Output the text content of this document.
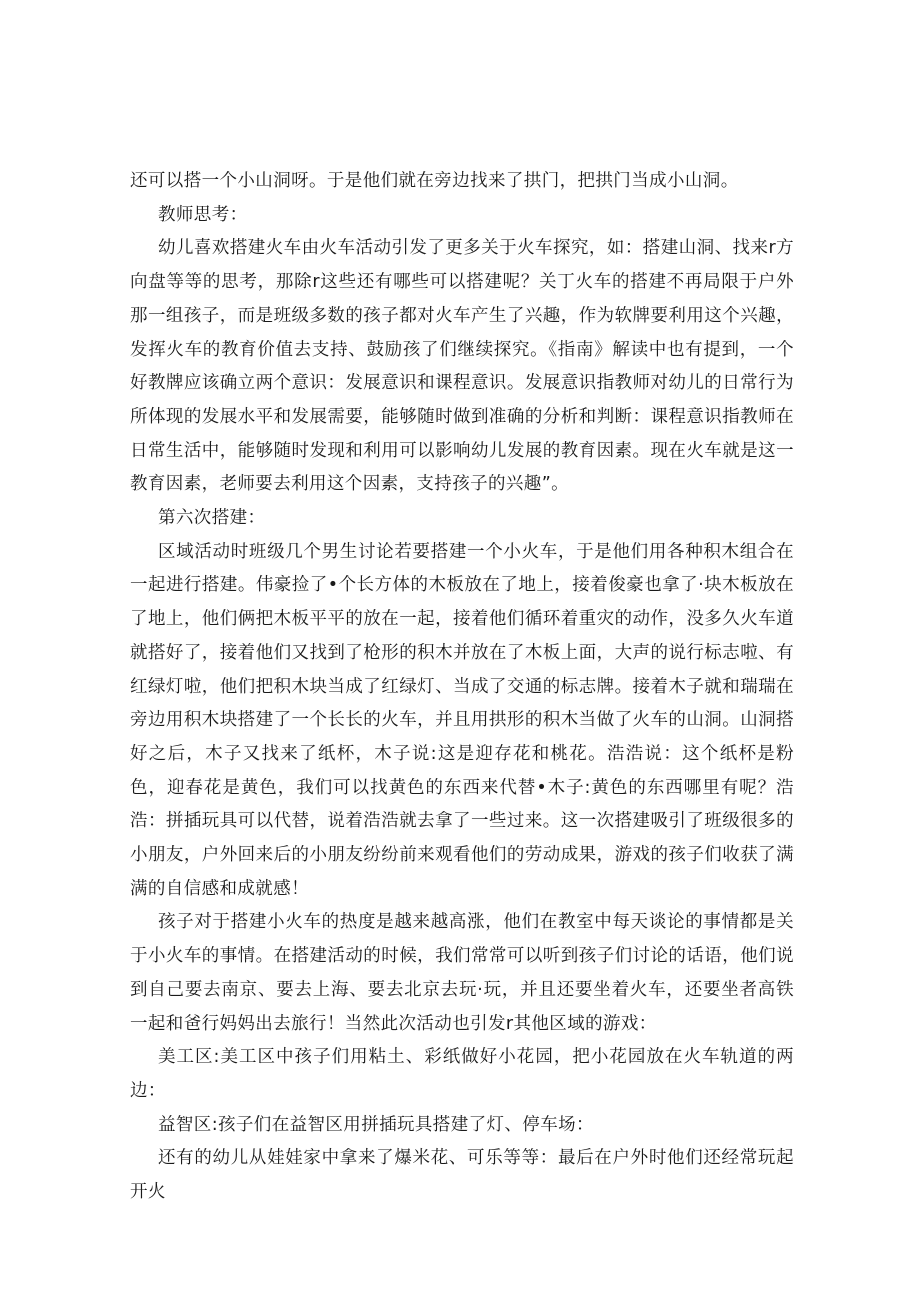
还可以搭一个小山洞呀。于是他们就在旁边找来了拱门，把拱门当成小山洞。

教师思考：

幼儿喜欢搭建火车由火车活动引发了更多关于火车探究，如：搭建山洞、找来r方向盘等等的思考，那除r这些还有哪些可以搭建呢？关丁火车的搭建不再局限于户外那一组孩子，而是班级多数的孩子都对火车产生了兴趣，作为软牌要利用这个兴趣，发挥火车的教育价值去支持、鼓励孩了们继续探究。《指南》解读中也有提到，一个好教牌应该确立两个意识：发展意识和课程意识。发展意识指教师对幼儿的日常行为所体现的发展水平和发展需要，能够随时做到准确的分析和判断：课程意识指教师在日常生活中，能够随时发现和利用可以影响幼儿发展的教育因素。现在火车就是这一教育因素，老师要去利用这个因素，支持孩子的兴趣”。

第六次搭建：

区域活动时班级几个男生讨论若要搭建一个小火车，于是他们用各种积木组合在一起进行搭建。伟豪捡了•个长方体的木板放在了地上，接着俊豪也拿了·块木板放在了地上，他们俩把木板平平的放在一起，接着他们循环着重灾的动作，没多久火车道就搭好了，接着他们又找到了枪形的积木并放在了木板上面，大声的说行标志啦、有红绿灯啦，他们把积木块当成了红绿灯、当成了交通的标志牌。接着木子就和瑞瑞在旁边用积木块搭建了一个长长的火车，并且用拱形的积木当做了火车的山洞。山洞搭好之后，木子又找来了纸杯，木子说:这是迎存花和桃花。浩浩说：这个纸杯是粉色，迎春花是黄色，我们可以找黄色的东西来代替•木子:黄色的东西哪里有呢？浩浩：拼插玩具可以代替，说着浩浩就去拿了一些过来。这一次搭建吸引了班级很多的小朋友，户外回来后的小朋友纷纷前来观看他们的劳动成果，游戏的孩子们收获了满满的自信感和成就感！

孩子对于搭建小火车的热度是越来越高涨，他们在教室中每天谈论的事情都是关于小火车的事情。在搭建活动的时候，我们常常可以听到孩子们讨论的话语，他们说到自己要去南京、要去上海、要去北京去玩·玩，并且还要坐着火车，还要坐者高铁一起和爸行妈妈出去旅行！当然此次活动也引发r其他区域的游戏：

美工区:美工区中孩子们用粘土、彩纸做好小花园，把小花园放在火车轨道的两边：

益智区:孩子们在益智区用拼插玩具搭建了灯、停车场：

还有的幼儿从娃娃家中拿来了爆米花、可乐等等：最后在户外时他们还经常玩起开火
